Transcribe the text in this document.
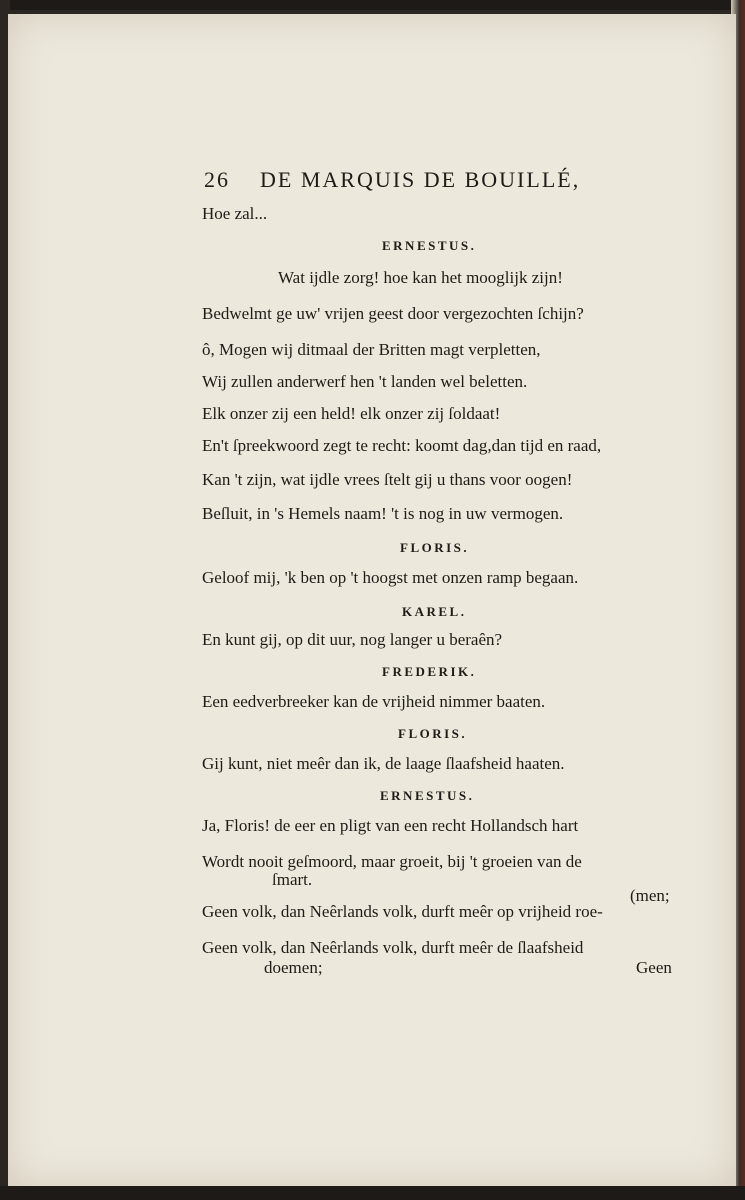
26 DE MARQUIS DE BOUILLÉ,
Hoe zal...
ERNESTUS.
Wat ijdle zorg! hoe kan het mooglijk zijn!
Bedwelmt ge uw' vrijen geest door vergezochten ſchijn?
ô, Mogen wij ditmaal der Britten magt verpletten,
Wij zullen anderwerf hen 't landen wel beletten.
Elk onzer zij een held! elk onzer zij ſoldaat!
En't ſpreekwoord zegt te recht: koomt dag,dan tijd en raad,
Kan 't zijn, wat ijdle vrees ſtelt gij u thans voor oogen!
Beſluit, in 's Hemels naam! 't is nog in uw vermogen.
FLORIS.
Geloof mij, 'k ben op 't hoogst met onzen ramp begaan.
KAREL.
En kunt gij, op dit uur, nog langer u beraên?
FREDERIK.
Een eedverbreeker kan de vrijheid nimmer baaten.
FLORIS.
Gij kunt, niet meêr dan ik, de laage ſlaafsheid haaten.
ERNESTUS.
Ja, Floris! de eer en pligt van een recht Hollandsch hart
Wordt nooit geſmoord, maar groeit, bij 't groeien van de
ſmart.
(men;
Geen volk, dan Neêrlands volk, durft meêr op vrijheid roe-
Geen volk, dan Neêrlands volk, durft meêr de ſlaafsheid
doemen;	Geen
